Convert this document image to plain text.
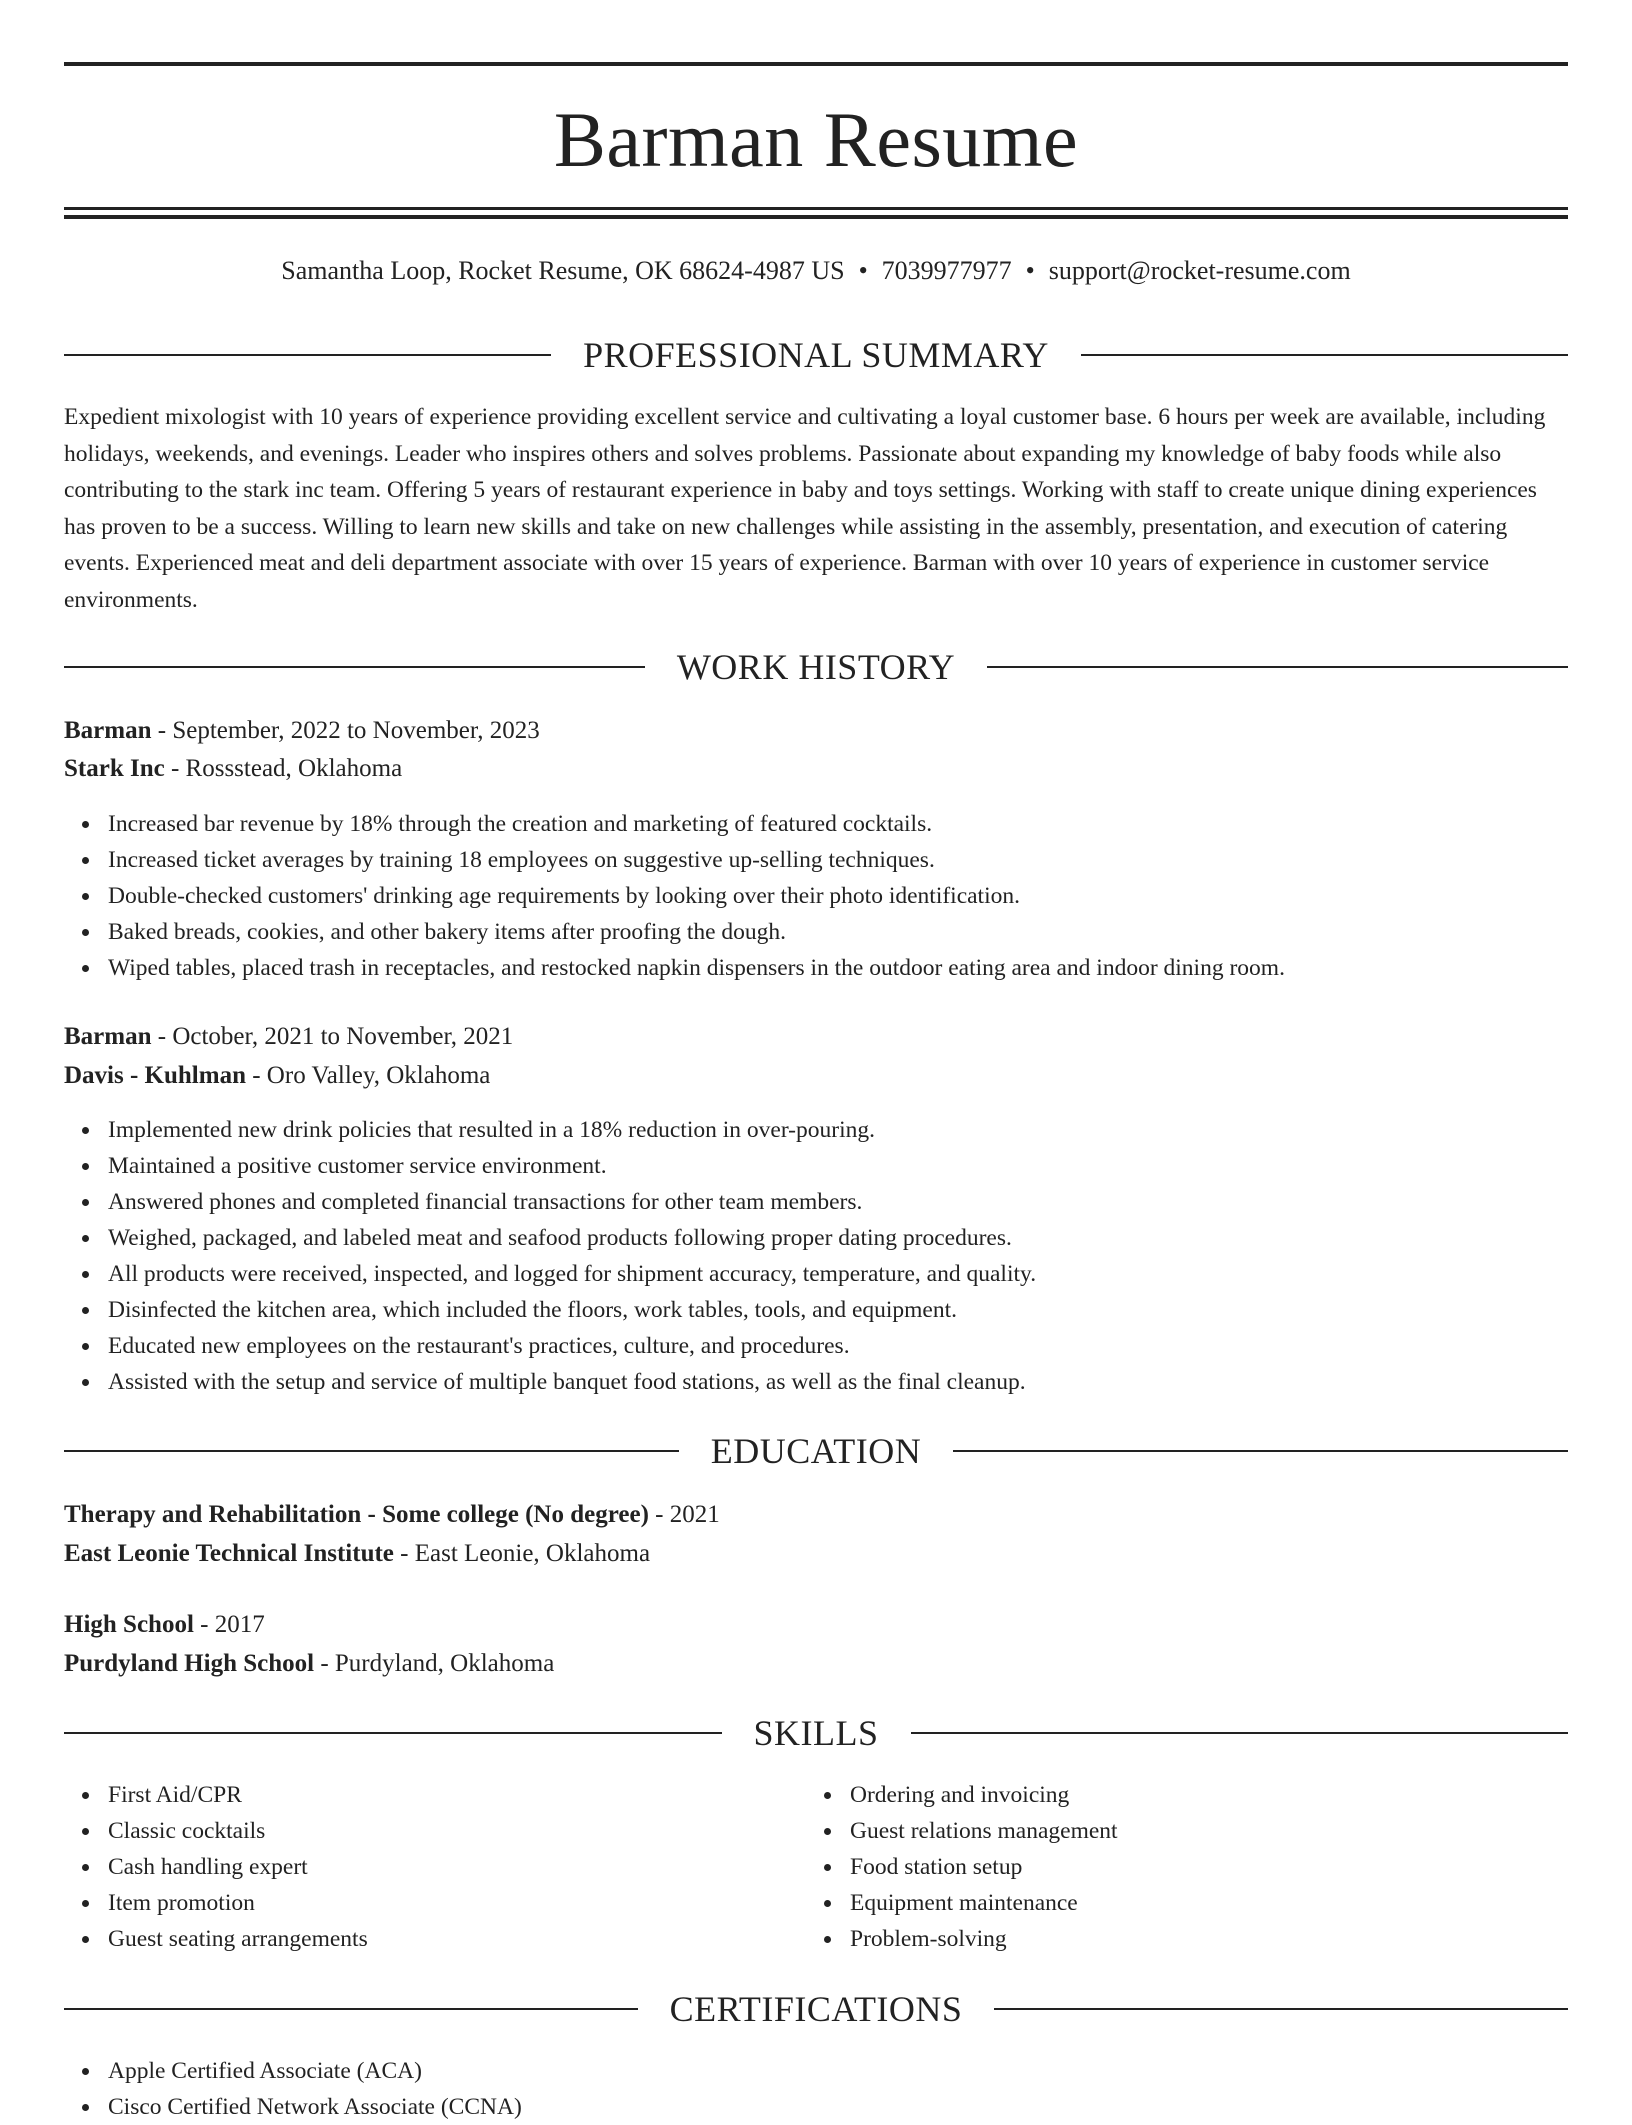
Barman Resume
Samantha Loop, Rocket Resume, OK 68624-4987 US • 7039977977 • support@rocket-resume.com
PROFESSIONAL SUMMARY
Expedient mixologist with 10 years of experience providing excellent service and cultivating a loyal customer base. 6 hours per week are available, including holidays, weekends, and evenings. Leader who inspires others and solves problems. Passionate about expanding my knowledge of baby foods while also contributing to the stark inc team. Offering 5 years of restaurant experience in baby and toys settings. Working with staff to create unique dining experiences has proven to be a success. Willing to learn new skills and take on new challenges while assisting in the assembly, presentation, and execution of catering events. Experienced meat and deli department associate with over 15 years of experience. Barman with over 10 years of experience in customer service environments.
WORK HISTORY
Barman - September, 2022 to November, 2023
Stark Inc - Rossstead, Oklahoma
Increased bar revenue by 18% through the creation and marketing of featured cocktails.
Increased ticket averages by training 18 employees on suggestive up-selling techniques.
Double-checked customers' drinking age requirements by looking over their photo identification.
Baked breads, cookies, and other bakery items after proofing the dough.
Wiped tables, placed trash in receptacles, and restocked napkin dispensers in the outdoor eating area and indoor dining room.
Barman - October, 2021 to November, 2021
Davis - Kuhlman - Oro Valley, Oklahoma
Implemented new drink policies that resulted in a 18% reduction in over-pouring.
Maintained a positive customer service environment.
Answered phones and completed financial transactions for other team members.
Weighed, packaged, and labeled meat and seafood products following proper dating procedures.
All products were received, inspected, and logged for shipment accuracy, temperature, and quality.
Disinfected the kitchen area, which included the floors, work tables, tools, and equipment.
Educated new employees on the restaurant's practices, culture, and procedures.
Assisted with the setup and service of multiple banquet food stations, as well as the final cleanup.
EDUCATION
Therapy and Rehabilitation - Some college (No degree) - 2021
East Leonie Technical Institute - East Leonie, Oklahoma
High School - 2017
Purdyland High School - Purdyland, Oklahoma
SKILLS
First Aid/CPR
Classic cocktails
Cash handling expert
Item promotion
Guest seating arrangements
Ordering and invoicing
Guest relations management
Food station setup
Equipment maintenance
Problem-solving
CERTIFICATIONS
Apple Certified Associate (ACA)
Cisco Certified Network Associate (CCNA)
